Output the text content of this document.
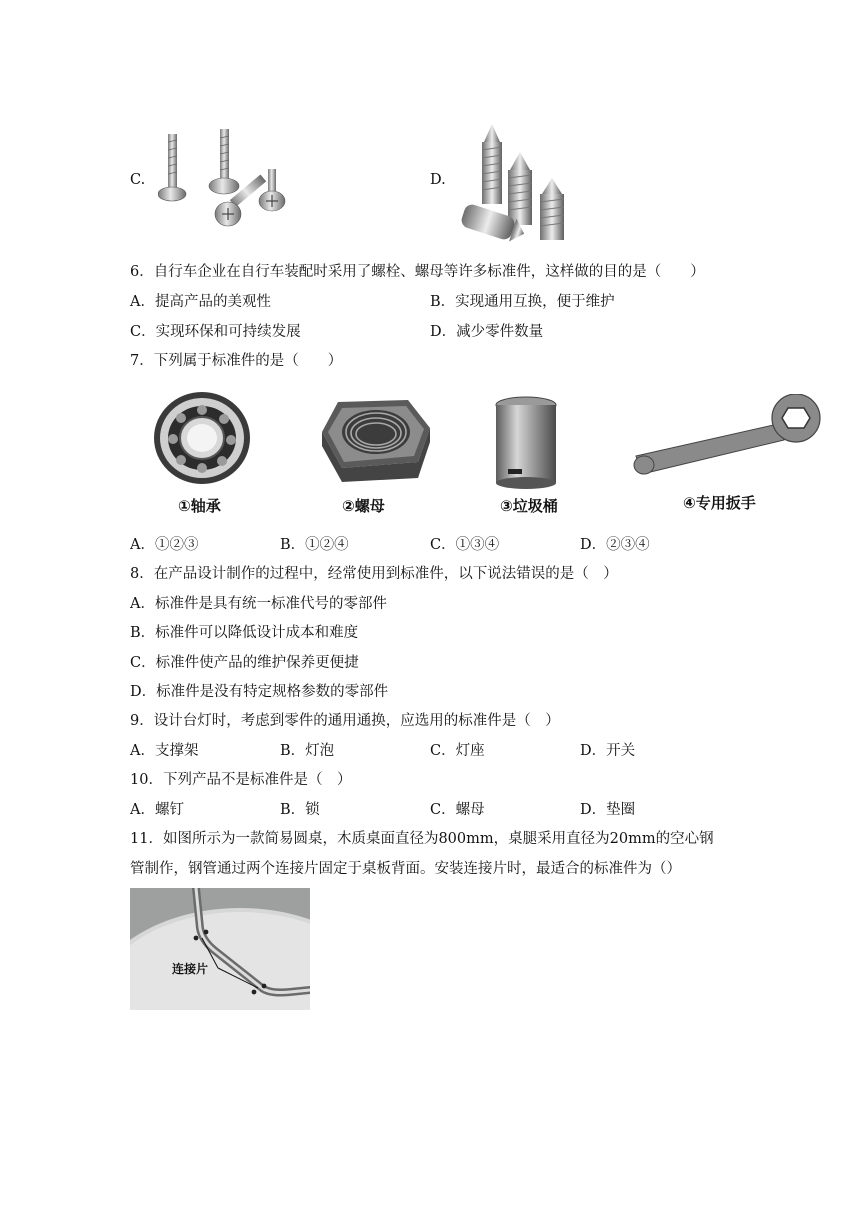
C.	D.
6．自行车企业在自行车装配时采用了螺栓、螺母等许多标准件，这样做的目的是（　　）
A．提高产品的美观性	B．实现通用互换，便于维护
C．实现环保和可持续发展	D．减少零件数量
7．下列属于标准件的是（　　）
①轴承	②螺母	③垃圾桶	④专用扳手
A．①②③	B．①②④	C．①③④	D．②③④
8．在产品设计制作的过程中，经常使用到标准件，以下说法错误的是（　）
A．标准件是具有统一标准代号的零部件
B．标准件可以降低设计成本和难度
C．标准件使产品的维护保养更便捷
D．标准件是没有特定规格参数的零部件
9．设计台灯时，考虑到零件的通用通换，应选用的标准件是（　）
A．支撑架	B．灯泡	C．灯座	D．开关
10．下列产品不是标准件是（　）
A．螺钉	B．锁	C．螺母	D．垫圈
11．如图所示为一款简易圆桌，木质桌面直径为800mm，桌腿采用直径为20mm的空心钢
管制作，钢管通过两个连接片固定于桌板背面。安装连接片时，最适合的标准件为（）
连接片
